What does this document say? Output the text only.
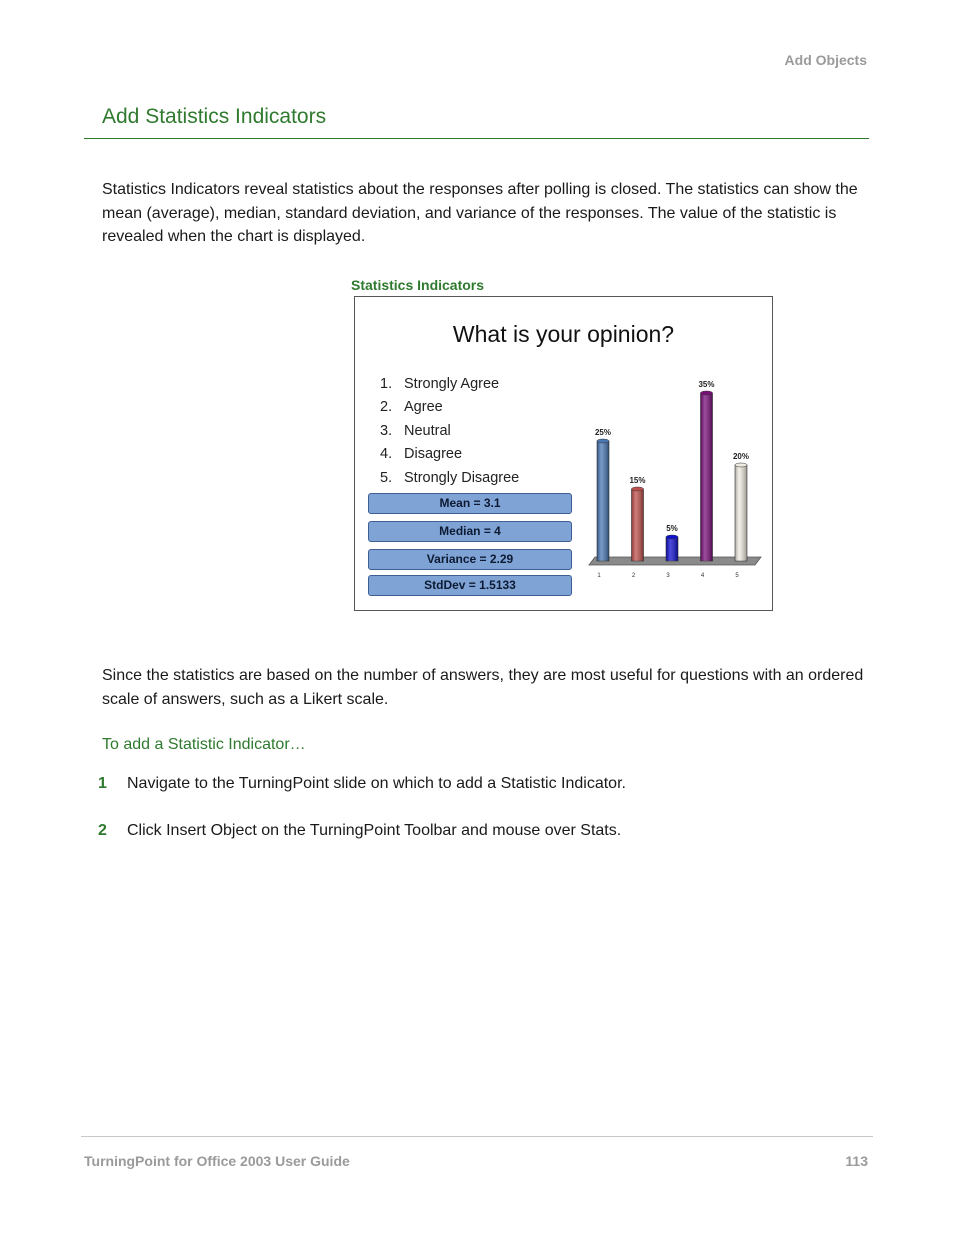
Add Objects
Add Statistics Indicators
Statistics Indicators reveal statistics about the responses after polling is closed. The statistics can show the mean (average), median, standard deviation, and variance of the responses. The value of the statistic is revealed when the chart is displayed.
Statistics Indicators
What is your opinion?
1. Strongly Agree
2. Agree
3. Neutral
4. Disagree
5. Strongly Disagree
Mean = 3.1
Median = 4
Variance = 2.29
StdDev = 1.5133
25%
1
15%
2
5%
3
35%
4
20%
5
Since the statistics are based on the number of answers, they are most useful for questions with an ordered scale of answers, such as a Likert scale.
To add a Statistic Indicator…
1 Navigate to the TurningPoint slide on which to add a Statistic Indicator.
2 Click Insert Object on the TurningPoint Toolbar and mouse over Stats.
TurningPoint for Office 2003 User Guide	113
